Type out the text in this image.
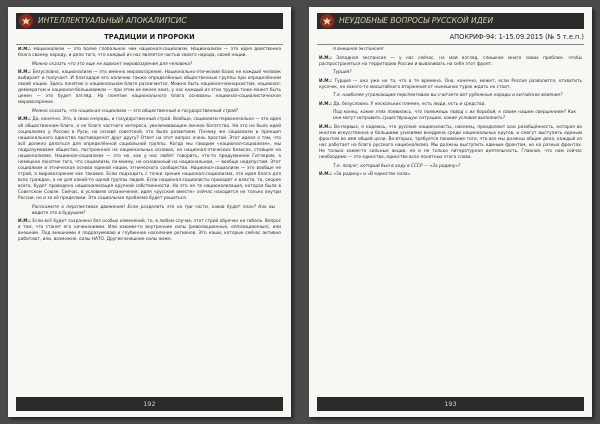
ИНТЕЛЛЕКТУАЛЬНЫЙ АПОКАЛИПСИС
ТРАДИЦИИ И ПРОРОКИ

И.М.: Национализм — это более глобальное чем национал-социализм. Национализм — это идея действенна блага своему народу, и дело того, что каждый из нас является частью своего народа, своей нации.

Можно сказать что это еще не вариант мировоззрения для человека?

И.М.: Безусловно, национализм — это именно мировоззрение. Национально-этический базис не каждый человек выбирает и получает. И благодаря его наличию также определённые общественные группы при определённом своей нации. Здесь понятие о национальном благе различается. Можно быть национал-монархистом, национал-демократом и национал-большевиком — при этом не менее вниз, у нас каждый из этих трудов тоже может быть ценен — это будет взгляд. На понятие национального блага основаны национал-социалистическое мировоззрение.

Можно сказать, что национал-социализм — это общественный и государственный строй?

И.М.: Да, конечно. Это, в свою очередь, и государственный строй. Вообще, социализм первоначально — это идея об общественном благе, а не благе частного интереса, увеличивающем личное богатство. На это не было идей социализма у России в Руси, на основе советской, это было развитием. Почему же социализм и принцип национального единства противоречат друг другу? Ответ на этот вопрос очень простой. Этот идеал о том, что всё должно делаться для определённой социальной группы. Когда мы говорим «национал-социализм», мы подразумеваем общество, построенное на национальных основах, на национал-этических базисах, стоящее на национализме. Национал-социализм — это не, как у нас любят говорить, что-то придуманное Гитлером, а немецкое понятие того, что социализм, по-моему, не основанный на национальном, — вообще недопустим. Этот социализм и этническая основа единой нации, этнического сообщества. Национал-социализм — это вообще не строй, а мировоззрение как таковое. Если подходить с точки зрения национал-социализма, это идея блага для всех граждан, а не для какой-то одной группы людей. Если национал-социалисты приходят к власти, то, скорее всего, будет проведена национализация крупной собственности. Но это не та национализация, которая была в Советском Союзе. Сейчас, в условиях ограничения, идея «русские вместе» сейчас находится не только внутри России, но и за её пределами. Эта социальная проблема будет решаться.

Расскажите о перспективах движения! Если разделить это на три части, каков будет план? Как вы видите это в будущем?

И.М.: Если всё будет сохранено без особых изменений, то, в любом случае, этот строй обречен на гибель. Вопрос в том, что станет его начинаниями. Или какими-то внутренние силы (революционные, оппозиционные), или внешние. Под внешними я подразумеваю и глубинное население регионов. Это наши, которые сейчас активно работают, или, возможно, силы НАТО. Другие внешние силы ниже.

192
НЕУДОБНЫЕ ВОПРОСЫ РУССКОЙ ИДЕИ
АПОКРИФ-94: 1-15.09.2015 (№ 5 т.е.п.)

А внешняя экспансия?

И.М.: Западная экспансия — у нас сейчас, на мой взгляд, слишком много своих проблем, чтобы распространяться на территорию России и вываливать на себя этот фронт.

Турция?

И.М.: Турция — она уже не та, что в те времена. Она, конечно, может, если Россия развалится, отхватить кусочек, но какого-то масштабного вторжения от нынешних турок ждать не стоит.

Т.е. наиболее угрожающим перспективам вы считаете вот рубежные народы и китайское влияние?

И.М.: Да, безусловно. У нескольких племен, есть люди, есть и средства.

Под конец, какие этих появились, что поможешь повод с их борьбой, к своим нашим свершениям? Как они могут исправить существующую ситуацию, какие условия выполнить?

И.М.: Во-первых, я надеюсь, что русские националисты, наконец, преодолеют всю разобщённость, которая во многом искусственна и большими усилиями внедрена среди национальных кругов, и смогут выступить единым фронтом во имя общей цели. Во-вторых, требуется понимание того, что все мы должны общие дела, каждый из нас работает на благо русского национализма. Мы должны выступить единым фронтом, но на разных фронтах. Не только какие-то сильные акции, но и не только литературная деятельность. Главное, что нам сейчас необходимо — это единство, единство всех понятных этого слова.

Т.е. лозунг, который был в ходу в СССР — «За родину»?

И.М.: «За родину» и «В единстве сила».

193
